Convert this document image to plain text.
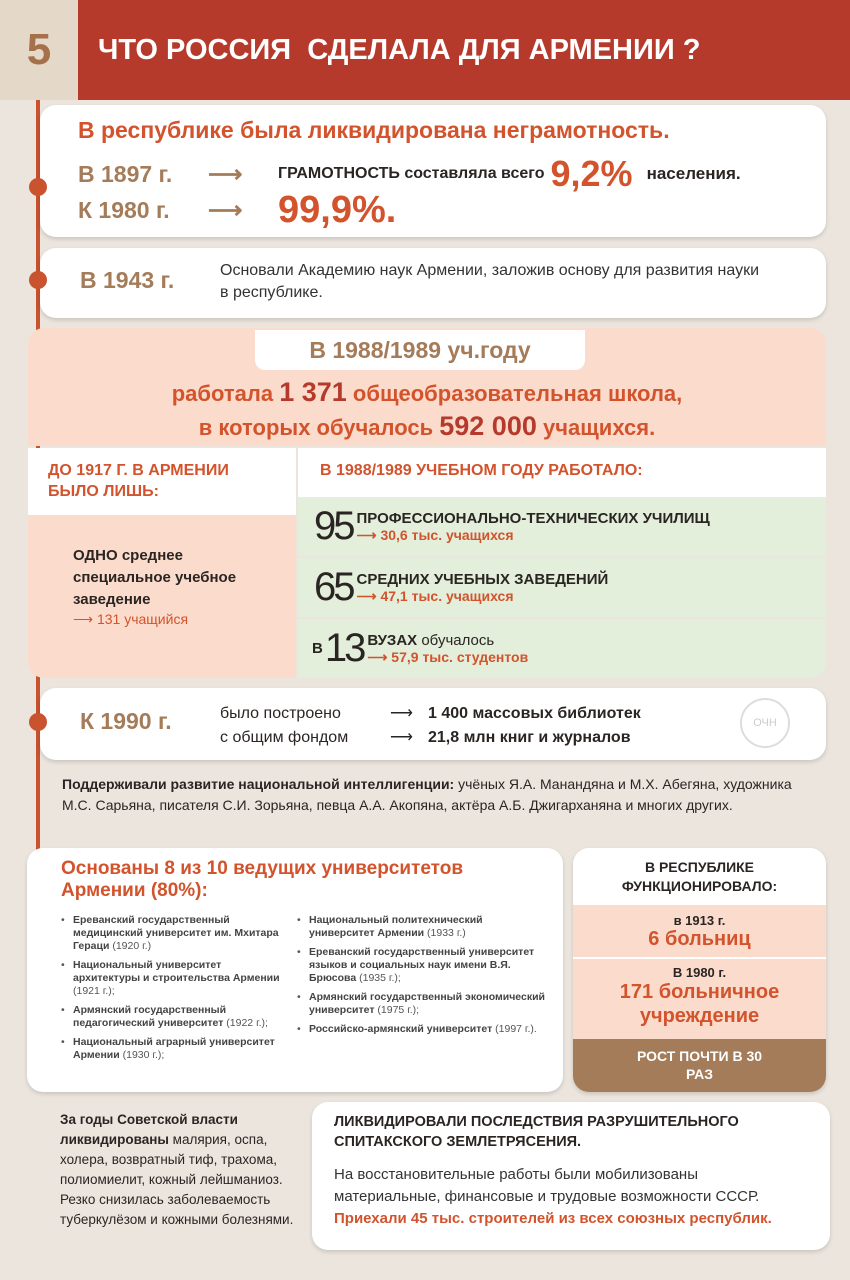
5	ЧТО РОССИЯ  СДЕЛАЛА ДЛЯ АРМЕНИИ ?
В республике была ликвидирована неграмотность.
В 1897 г.	⟶	ГРАМОТНОСТЬ составляла всего 9,2% населения.
К 1980 г.	⟶ 99,9%.
В 1943 г.	Основали Академию наук Армении, заложив основу для развития науки в республике.
В 1988/1989 уч.году
работала 1 371 общеобразовательная школа,
в которых обучалось 592 000 учащихся.
ДО 1917 Г. В АРМЕНИИ БЫЛО ЛИШЬ:
ОДНО среднее специальное учебное заведение
⟶ 131 учащийся
В 1988/1989 УЧЕБНОМ ГОДУ РАБОТАЛО:
95 ПРОФЕССИОНАЛЬНО-ТЕХНИЧЕСКИХ УЧИЛИЩ
⟶ 30,6 тыс. учащихся
65 СРЕДНИХ УЧЕБНЫХ ЗАВЕДЕНИЙ
⟶ 47,1 тыс. учащихся
В 13 ВУЗАХ обучалось
⟶ 57,9 тыс. студентов
К 1990 г.	было построено	⟶ 1 400 массовых библиотек
с общим фондом	⟶ 21,8 млн книг и журналов
ОЧН
Поддерживали развитие национальной интеллигенции: учёных Я.А. Манандяна и М.Х. Абегяна, художника М.С. Сарьяна, писателя С.И. Зорьяна, певца А.А. Акопяна, актёра А.Б. Джигарханяна и многих других.
Основаны 8 из 10 ведущих университетов Армении (80%):
• Ереванский государственный медицинский университет им. Мхитара Гераци (1920 г.)
• Национальный университет архитектуры и строительства Армении (1921 г.);
• Армянский государственный педагогический университет (1922 г.);
• Национальный аграрный университет Армении (1930 г.);
• Национальный политехнический университет Армении (1933 г.)
• Ереванский государственный университет языков и социальных наук имени В.Я. Брюсова (1935 г.);
• Армянский государственный экономический университет (1975 г.);
• Российско-армянский университет (1997 г.).
В РЕСПУБЛИКЕ ФУНКЦИОНИРОВАЛО:
в 1913 г.
6 больниц
В 1980 г.
171 больничное учреждение
РОСТ ПОЧТИ В 30 РАЗ
За годы Советской власти ликвидированы малярия, оспа, холера, возвратный тиф, трахома, полиомиелит, кожный лейшманиоз. Резко снизилась заболеваемость туберкулёзом и кожными болезнями.
ЛИКВИДИРОВАЛИ ПОСЛЕДСТВИЯ РАЗРУШИТЕЛЬНОГО СПИТАКСКОГО ЗЕМЛЕТРЯСЕНИЯ.
На восстановительные работы были мобилизованы материальные, финансовые и трудовые возможности СССР. Приехали 45 тыс. строителей из всех союзных республик.
